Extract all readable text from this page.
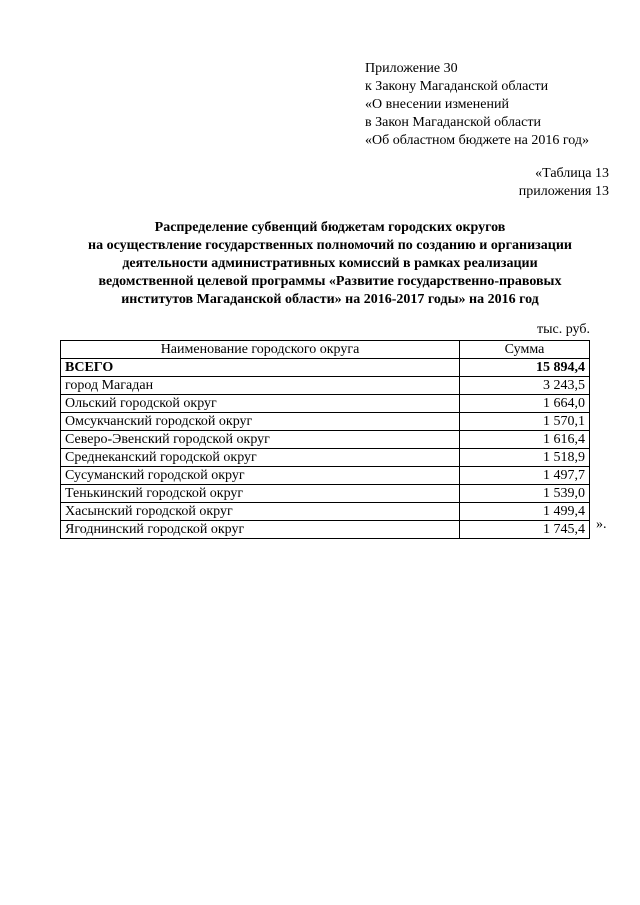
Приложение 30
к Закону Магаданской области
«О внесении изменений
в Закон Магаданской области
«Об областном бюджете на 2016 год»
«Таблица 13
приложения 13
Распределение субвенций бюджетам городских округов
на осуществление государственных полномочий по созданию и организации
деятельности административных комиссий в рамках реализации
ведомственной целевой программы «Развитие государственно-правовых
институтов Магаданской области» на 2016-2017 годы» на 2016 год
тыс. руб.
Наименование городского округа	Сумма
ВСЕГО	15 894,4
город Магадан	3 243,5
Ольский городской округ	1 664,0
Омсукчанский городской округ	1 570,1
Северо-Эвенский городской округ	1 616,4
Среднеканский городской округ	1 518,9
Сусуманский городской округ	1 497,7
Тенькинский городской округ	1 539,0
Хасынский городской округ	1 499,4
Ягоднинский городской округ	1 745,4 ».
